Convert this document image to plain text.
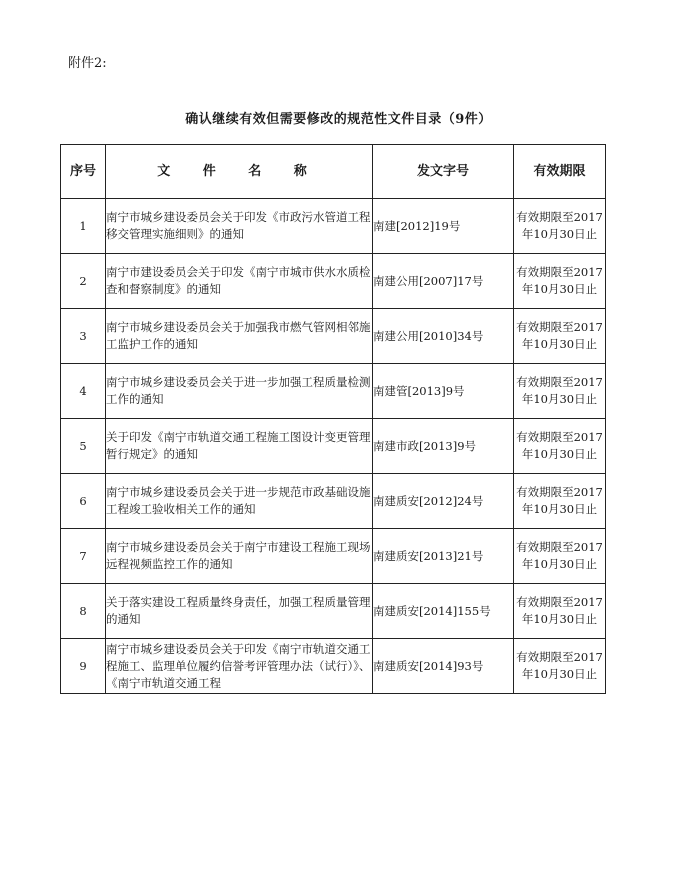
附件2:
确认继续有效但需要修改的规范性文件目录（9件）
序号	文 件 名 称	发文字号	有效期限
1	南宁市城乡建设委员会关于印发《市政污水管道工程移交管理实施细则》的通知	南建[2012]19号	有效期限至2017年10月30日止
2	南宁市建设委员会关于印发《南宁市城市供水水质检查和督察制度》的通知	南建公用[2007]17号	有效期限至2017年10月30日止
3	南宁市城乡建设委员会关于加强我市燃气管网相邻施工监护工作的通知	南建公用[2010]34号	有效期限至2017年10月30日止
4	南宁市城乡建设委员会关于进一步加强工程质量检测工作的通知	南建管[2013]9号	有效期限至2017年10月30日止
5	关于印发《南宁市轨道交通工程施工图设计变更管理暂行规定》的通知	南建市政[2013]9号	有效期限至2017年10月30日止
6	南宁市城乡建设委员会关于进一步规范市政基础设施工程竣工验收相关工作的通知	南建质安[2012]24号	有效期限至2017年10月30日止
7	南宁市城乡建设委员会关于南宁市建设工程施工现场远程视频监控工作的通知	南建质安[2013]21号	有效期限至2017年10月30日止
8	关于落实建设工程质量终身责任，加强工程质量管理的通知	南建质安[2014]155号	有效期限至2017年10月30日止
9	南宁市城乡建设委员会关于印发《南宁市轨道交通工程施工、监理单位履约信誉考评管理办法（试行）》、《南宁市轨道交通工程	南建质安[2014]93号	有效期限至2017年10月30日止
